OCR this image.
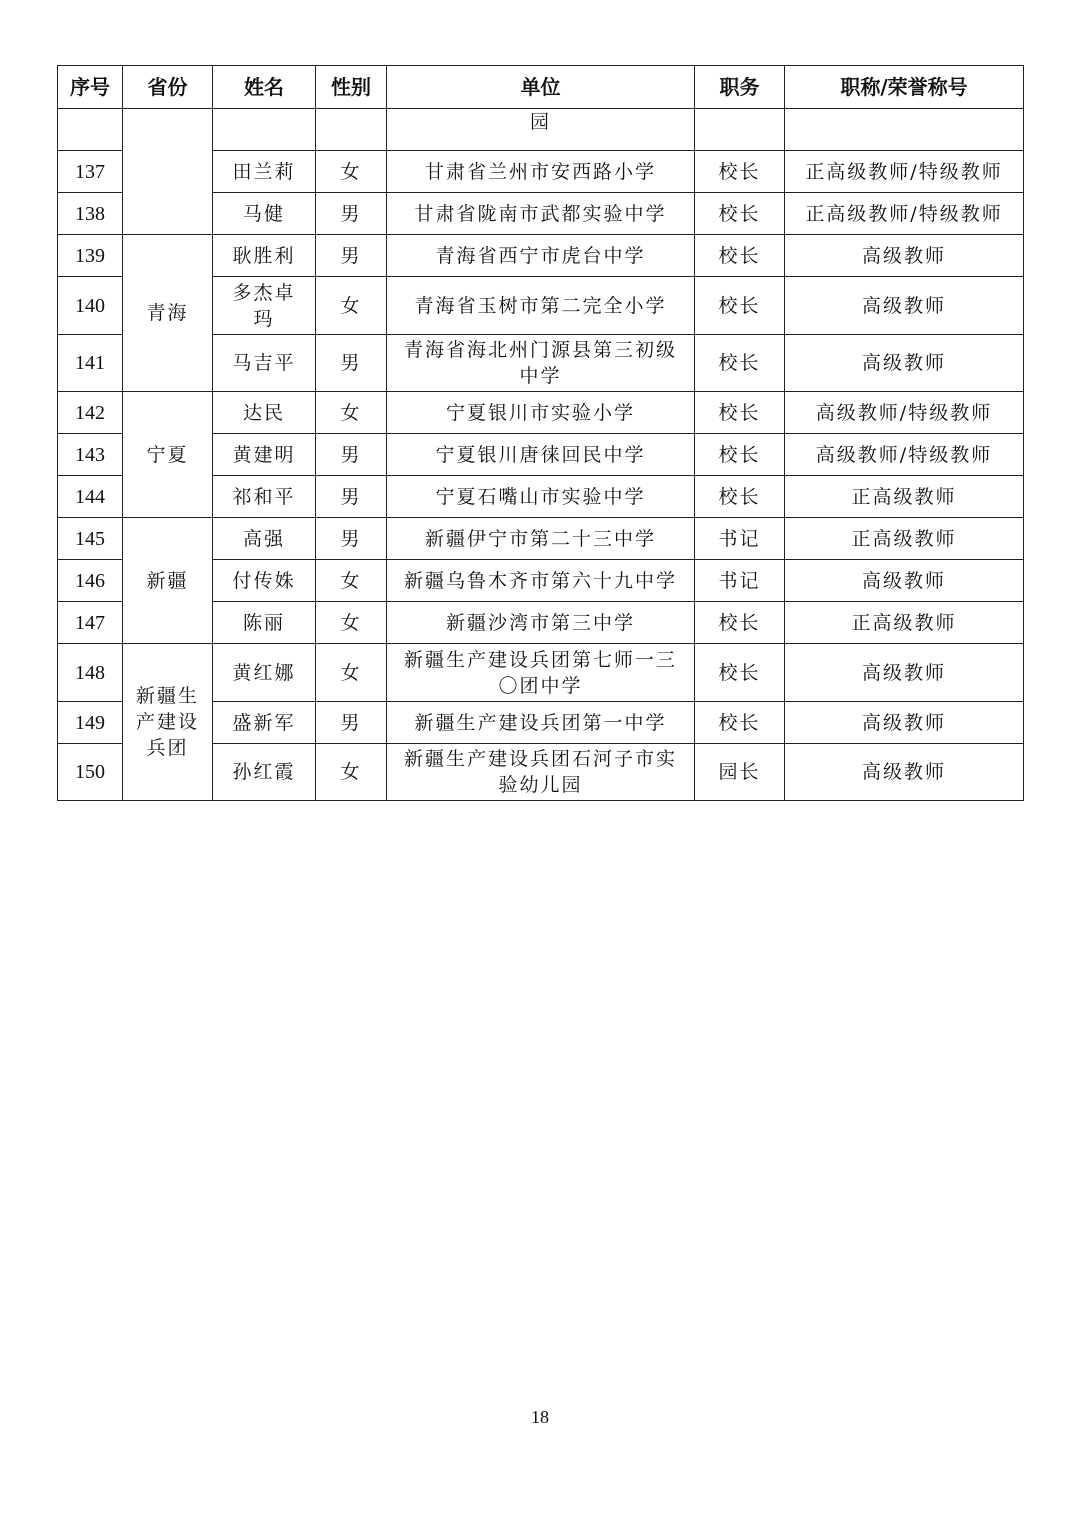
序号	省份	姓名	性别	单位	职务	职称/荣誉称号
				园		
137		田兰莉	女	甘肃省兰州市安西路小学	校长	正高级教师/特级教师
138		马健	男	甘肃省陇南市武都实验中学	校长	正高级教师/特级教师
139	青海	耿胜利	男	青海省西宁市虎台中学	校长	高级教师
140		多杰卓玛	女	青海省玉树市第二完全小学	校长	高级教师
141		马吉平	男	青海省海北州门源县第三初级中学	校长	高级教师
142	宁夏	达民	女	宁夏银川市实验小学	校长	高级教师/特级教师
143		黄建明	男	宁夏银川唐徕回民中学	校长	高级教师/特级教师
144		祁和平	男	宁夏石嘴山市实验中学	校长	正高级教师
145	新疆	高强	男	新疆伊宁市第二十三中学	书记	正高级教师
146		付传姝	女	新疆乌鲁木齐市第六十九中学	书记	高级教师
147		陈丽	女	新疆沙湾市第三中学	校长	正高级教师
148	新疆生产建设兵团	黄红娜	女	新疆生产建设兵团第七师一三〇团中学	校长	高级教师
149		盛新军	男	新疆生产建设兵团第一中学	校长	高级教师
150		孙红霞	女	新疆生产建设兵团石河子市实验幼儿园	园长	高级教师
18
